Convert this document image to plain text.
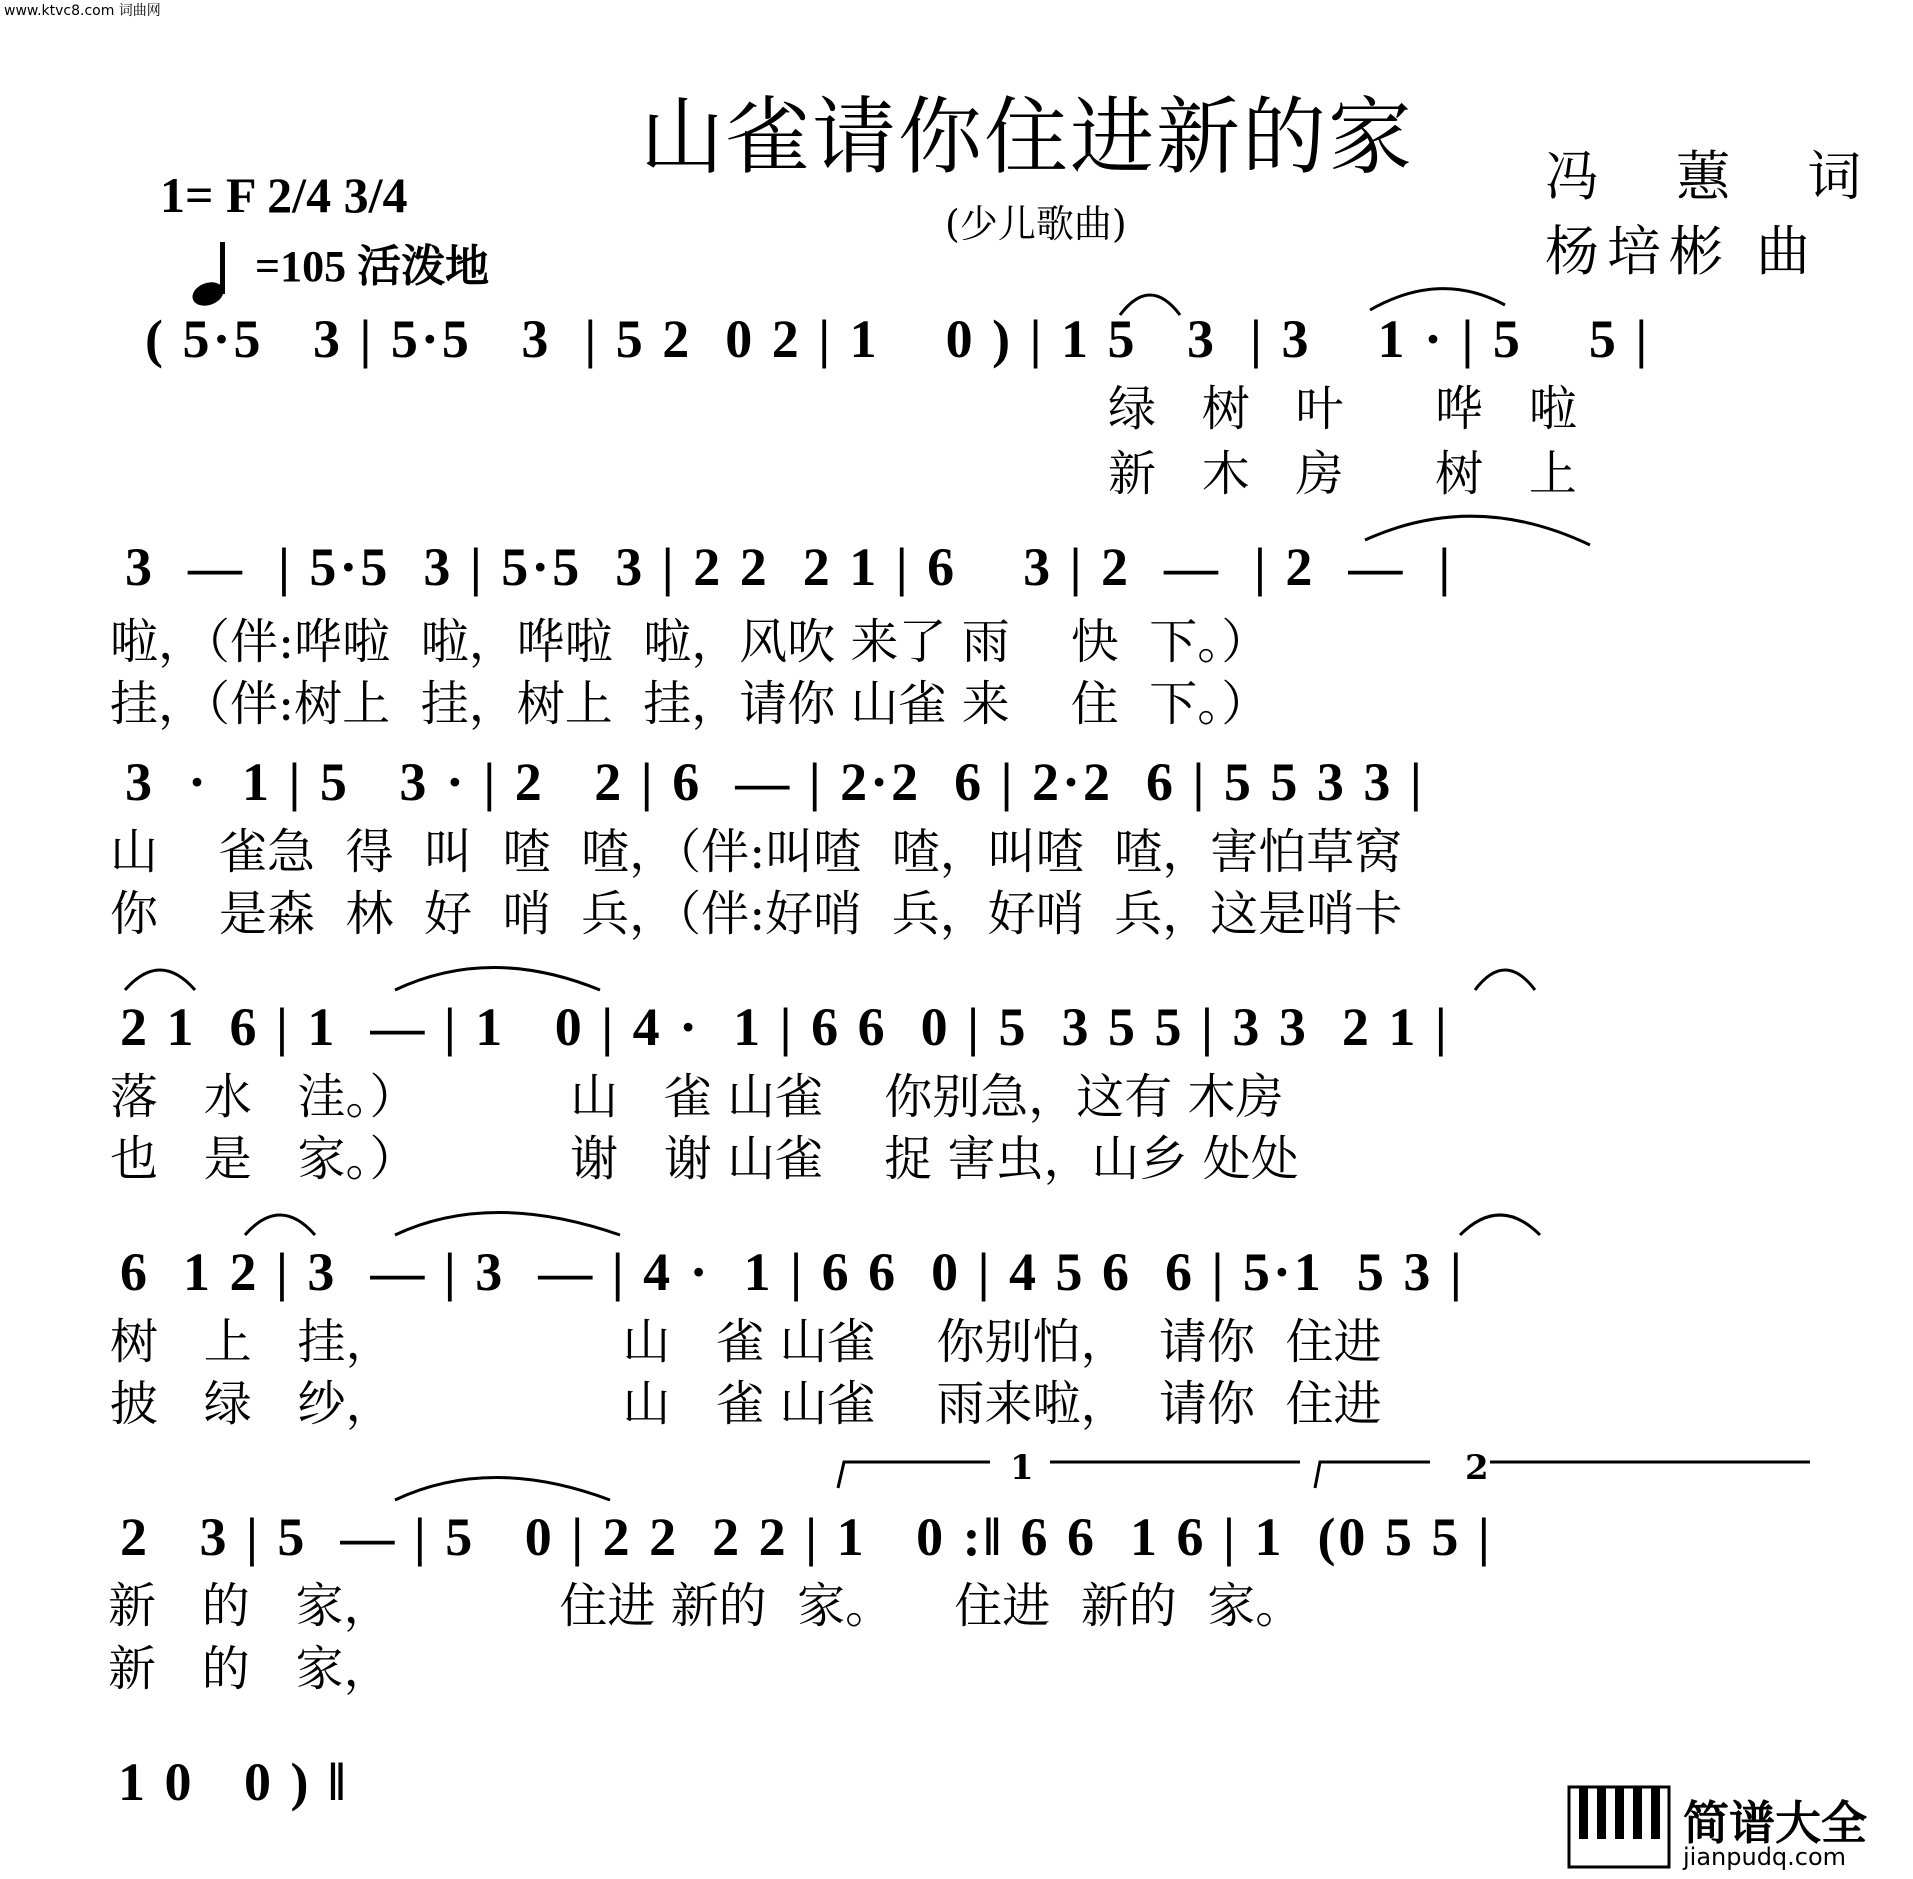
www.ktvc8.com 词曲网
山雀请你住进新的家
(少儿歌曲)
冯 蕙 词
杨培彬 曲
1= F 2/4 3/4
=105 活泼地
( 5·5   3 | 5·5   3  | 5 2  0 2 | 1    0 ) | 1 5   3  | 3    1 · | 5    5 |
绿   树   叶      哗   啦
新   木   房      树   上
3  —  | 5·5  3 | 5·5  3 | 2 2  2 1 | 6    3 | 2  —  | 2  —  |
啦，（伴:哗啦  啦，哗啦  啦，风吹 来了 雨    快  下。）
挂，（伴:树上  挂，树上  挂，请你 山雀 来    住  下。）
3  ·  1 | 5   3 · | 2   2 | 6  — | 2·2  6 | 2·2  6 | 5 5 3 3 |
山    雀急  得  叫  喳  喳，（伴:叫喳  喳，叫喳  喳，害怕草窝
你    是森  林  好  哨  兵，（伴:好哨  兵，好哨  兵，这是哨卡
2 1  6 | 1  — | 1   0 | 4 ·  1 | 6 6  0 | 5  3 5 5 | 3 3  2 1 |
落   水   洼。）          山   雀 山雀    你别急，这有 木房
也   是   家。）          谢   谢 山雀    捉 害虫，山乡 处处
6  1 2 | 3  — | 3  — | 4 ·  1 | 6 6  0 | 4 5 6  6 | 5·1  5 3 |
树   上   挂，               山   雀 山雀    你别怕，  请你  住进
披   绿   纱，               山   雀 山雀    雨来啦，  请你  住进
1	2
2   3 | 5  — | 5   0 | 2 2  2 2 | 1   0 :‖ 6 6  1 6 | 1  (0 5 5 |
新   的   家，           住进 新的  家。    住进  新的  家。
新   的   家，
1 0   0 ) ‖
简谱大全
jianpudq.com
